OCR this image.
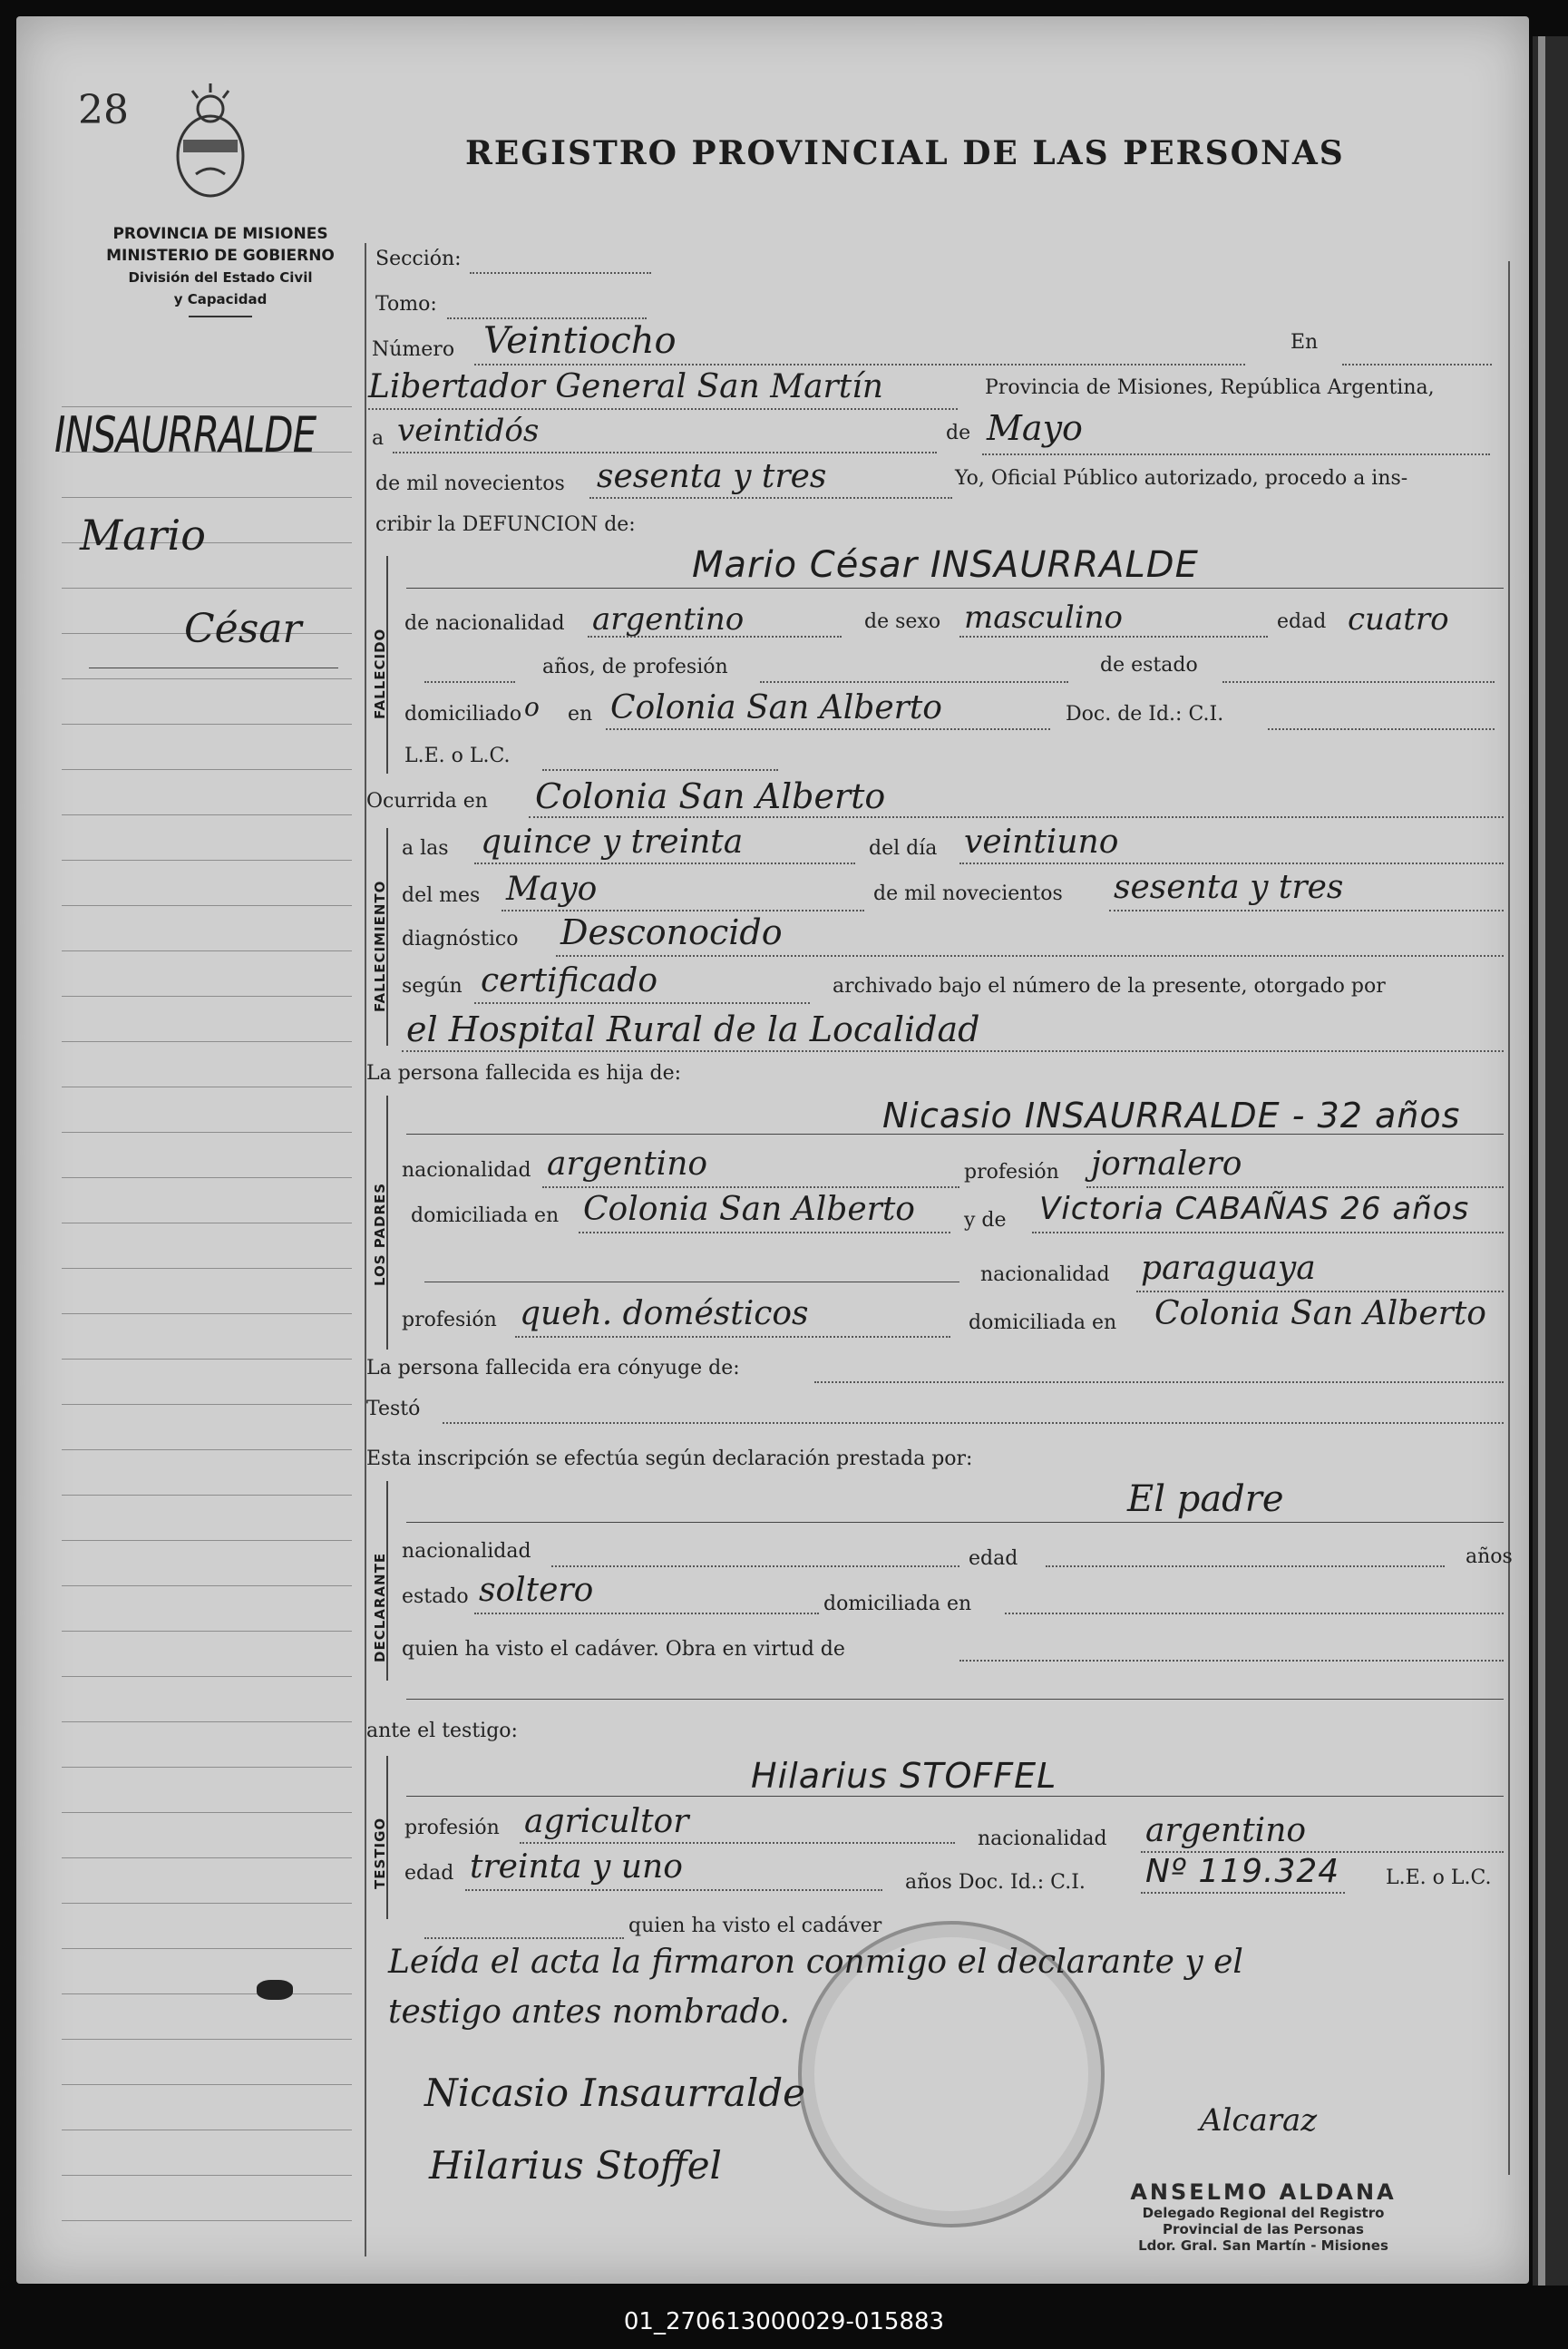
28
REGISTRO PROVINCIAL DE LAS PERSONAS
PROVINCIA DE MISIONES
MINISTERIO DE GOBIERNO
División del Estado Civil
y Capacidad
INSAURRALDE
Mario
César
Sección:
Tomo:
Número Veintiocho	En
Libertador General San Martín	Provincia de Misiones, República Argentina,
a veintidós	de Mayo
de mil novecientos sesenta y tres	Yo, Oficial Público autorizado, procedo a ins-
cribir la DEFUNCION de:
FALLECIDO
Mario César INSAURRALDE
de nacionalidad argentino	de sexo masculino	edad cuatro
años, de profesión	de estado
domiciliado o en Colonia San Alberto	Doc. de Id.: C.I.
L.E. o L.C.
Ocurrida en Colonia San Alberto
FALLECIMIENTO
a las quince y treinta	del día veintiuno
del mes Mayo	de mil novecientos sesenta y tres
diagnóstico Desconocido
según certificado	archivado bajo el número de la presente, otorgado por
el Hospital Rural de la Localidad
La persona fallecida es hija de:
LOS PADRES
Nicasio INSAURRALDE - 32 años
nacionalidad argentino	profesión jornalero
domiciliada en Colonia San Alberto y de Victoria CABAÑAS 26 años
nacionalidad paraguaya
profesión queh. domésticos	domiciliada en Colonia San Alberto
La persona fallecida era cónyuge de:
Testó
Esta inscripción se efectúa según declaración prestada por:
DECLARANTE
El padre
nacionalidad	edad	años
estado soltero	domiciliada en
quien ha visto el cadáver. Obra en virtud de
ante el testigo:
TESTIGO
Hilarius STOFFEL
profesión agricultor	nacionalidad argentino
edad treinta y uno	años Doc. Id.: C.I. Nº 119.324 L.E. o L.C.
quien ha visto el cadáver
Leída el acta la firmaron conmigo el declarante y el
testigo antes nombrado.
Nicasio Insaurralde
Hilarius Stoffel
Alcaraz
ANSELMO ALDANA
Delegado Regional del Registro
Provincial de las Personas
Ldor. Gral. San Martín - Misiones
01_270613000029-015883
